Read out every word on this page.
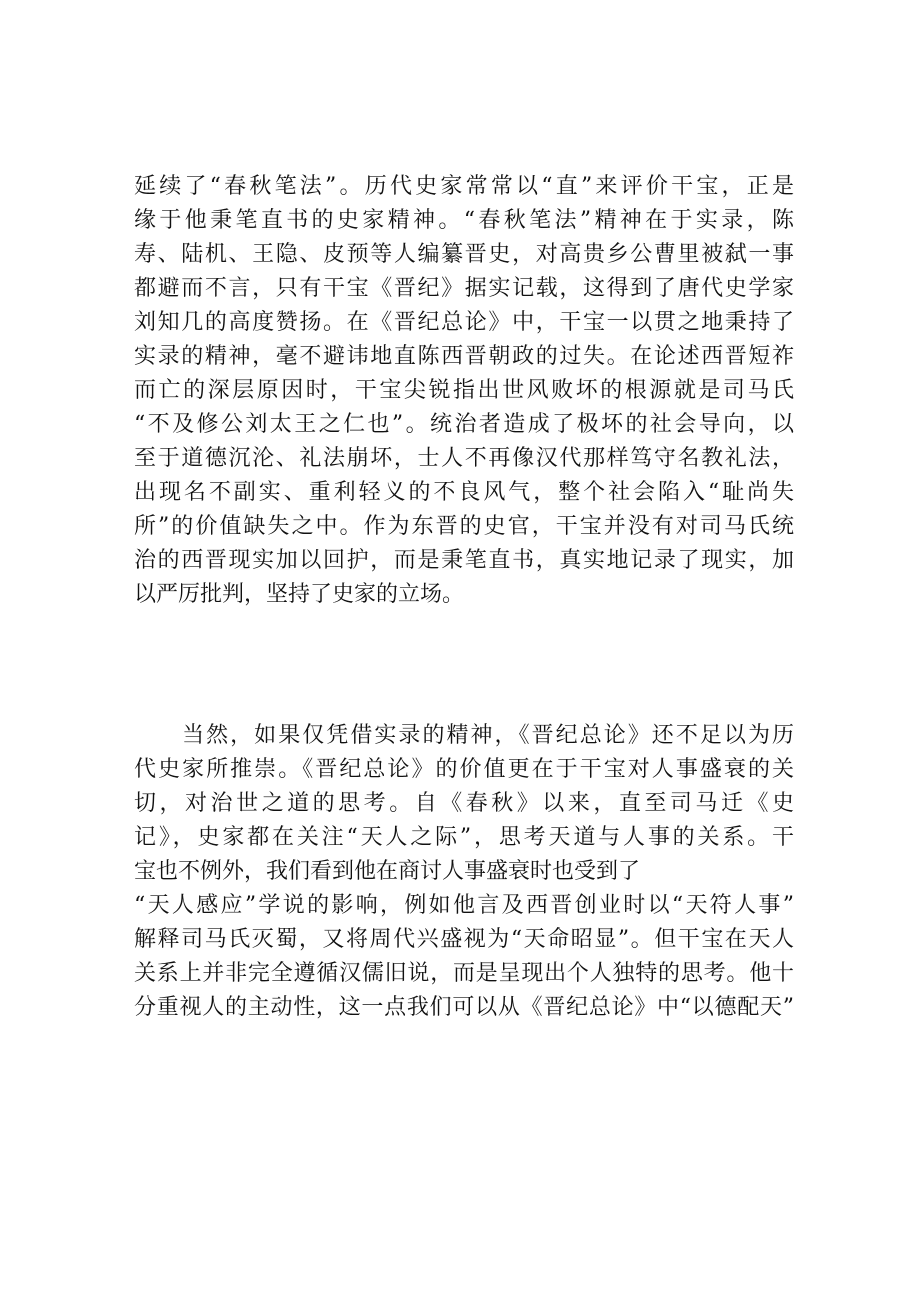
延续了“春秋笔法”。历代史家常常以“直”来评价干宝，正是
缘于他秉笔直书的史家精神。“春秋笔法”精神在于实录，陈
寿、陆机、王隐、皮预等人编纂晋史，对高贵乡公曹里被弑一事
都避而不言，只有干宝《晋纪》据实记载，这得到了唐代史学家
刘知几的高度赞扬。在《晋纪总论》中，干宝一以贯之地秉持了
实录的精神，毫不避讳地直陈西晋朝政的过失。在论述西晋短祚
而亡的深层原因时，干宝尖锐指出世风败坏的根源就是司马氏
“不及修公刘太王之仁也”。统治者造成了极坏的社会导向，以
至于道德沉沦、礼法崩坏，士人不再像汉代那样笃守名教礼法，
出现名不副实、重利轻义的不良风气，整个社会陷入“耻尚失
所”的价值缺失之中。作为东晋的史官，干宝并没有对司马氏统
治的西晋现实加以回护，而是秉笔直书，真实地记录了现实，加
以严厉批判，坚持了史家的立场。
　　当然，如果仅凭借实录的精神，《晋纪总论》还不足以为历
代史家所推崇。《晋纪总论》的价值更在于干宝对人事盛衰的关
切，对治世之道的思考。自《春秋》以来，直至司马迁《史
记》，史家都在关注“天人之际”，思考天道与人事的关系。干
宝也不例外，我们看到他在商讨人事盛衰时也受到了
“天人感应”学说的影响，例如他言及西晋创业时以“天符人事”
解释司马氏灭蜀，又将周代兴盛视为“天命昭显”。但干宝在天人
关系上并非完全遵循汉儒旧说，而是呈现出个人独特的思考。他十
分重视人的主动性，这一点我们可以从《晋纪总论》中“以德配天”
